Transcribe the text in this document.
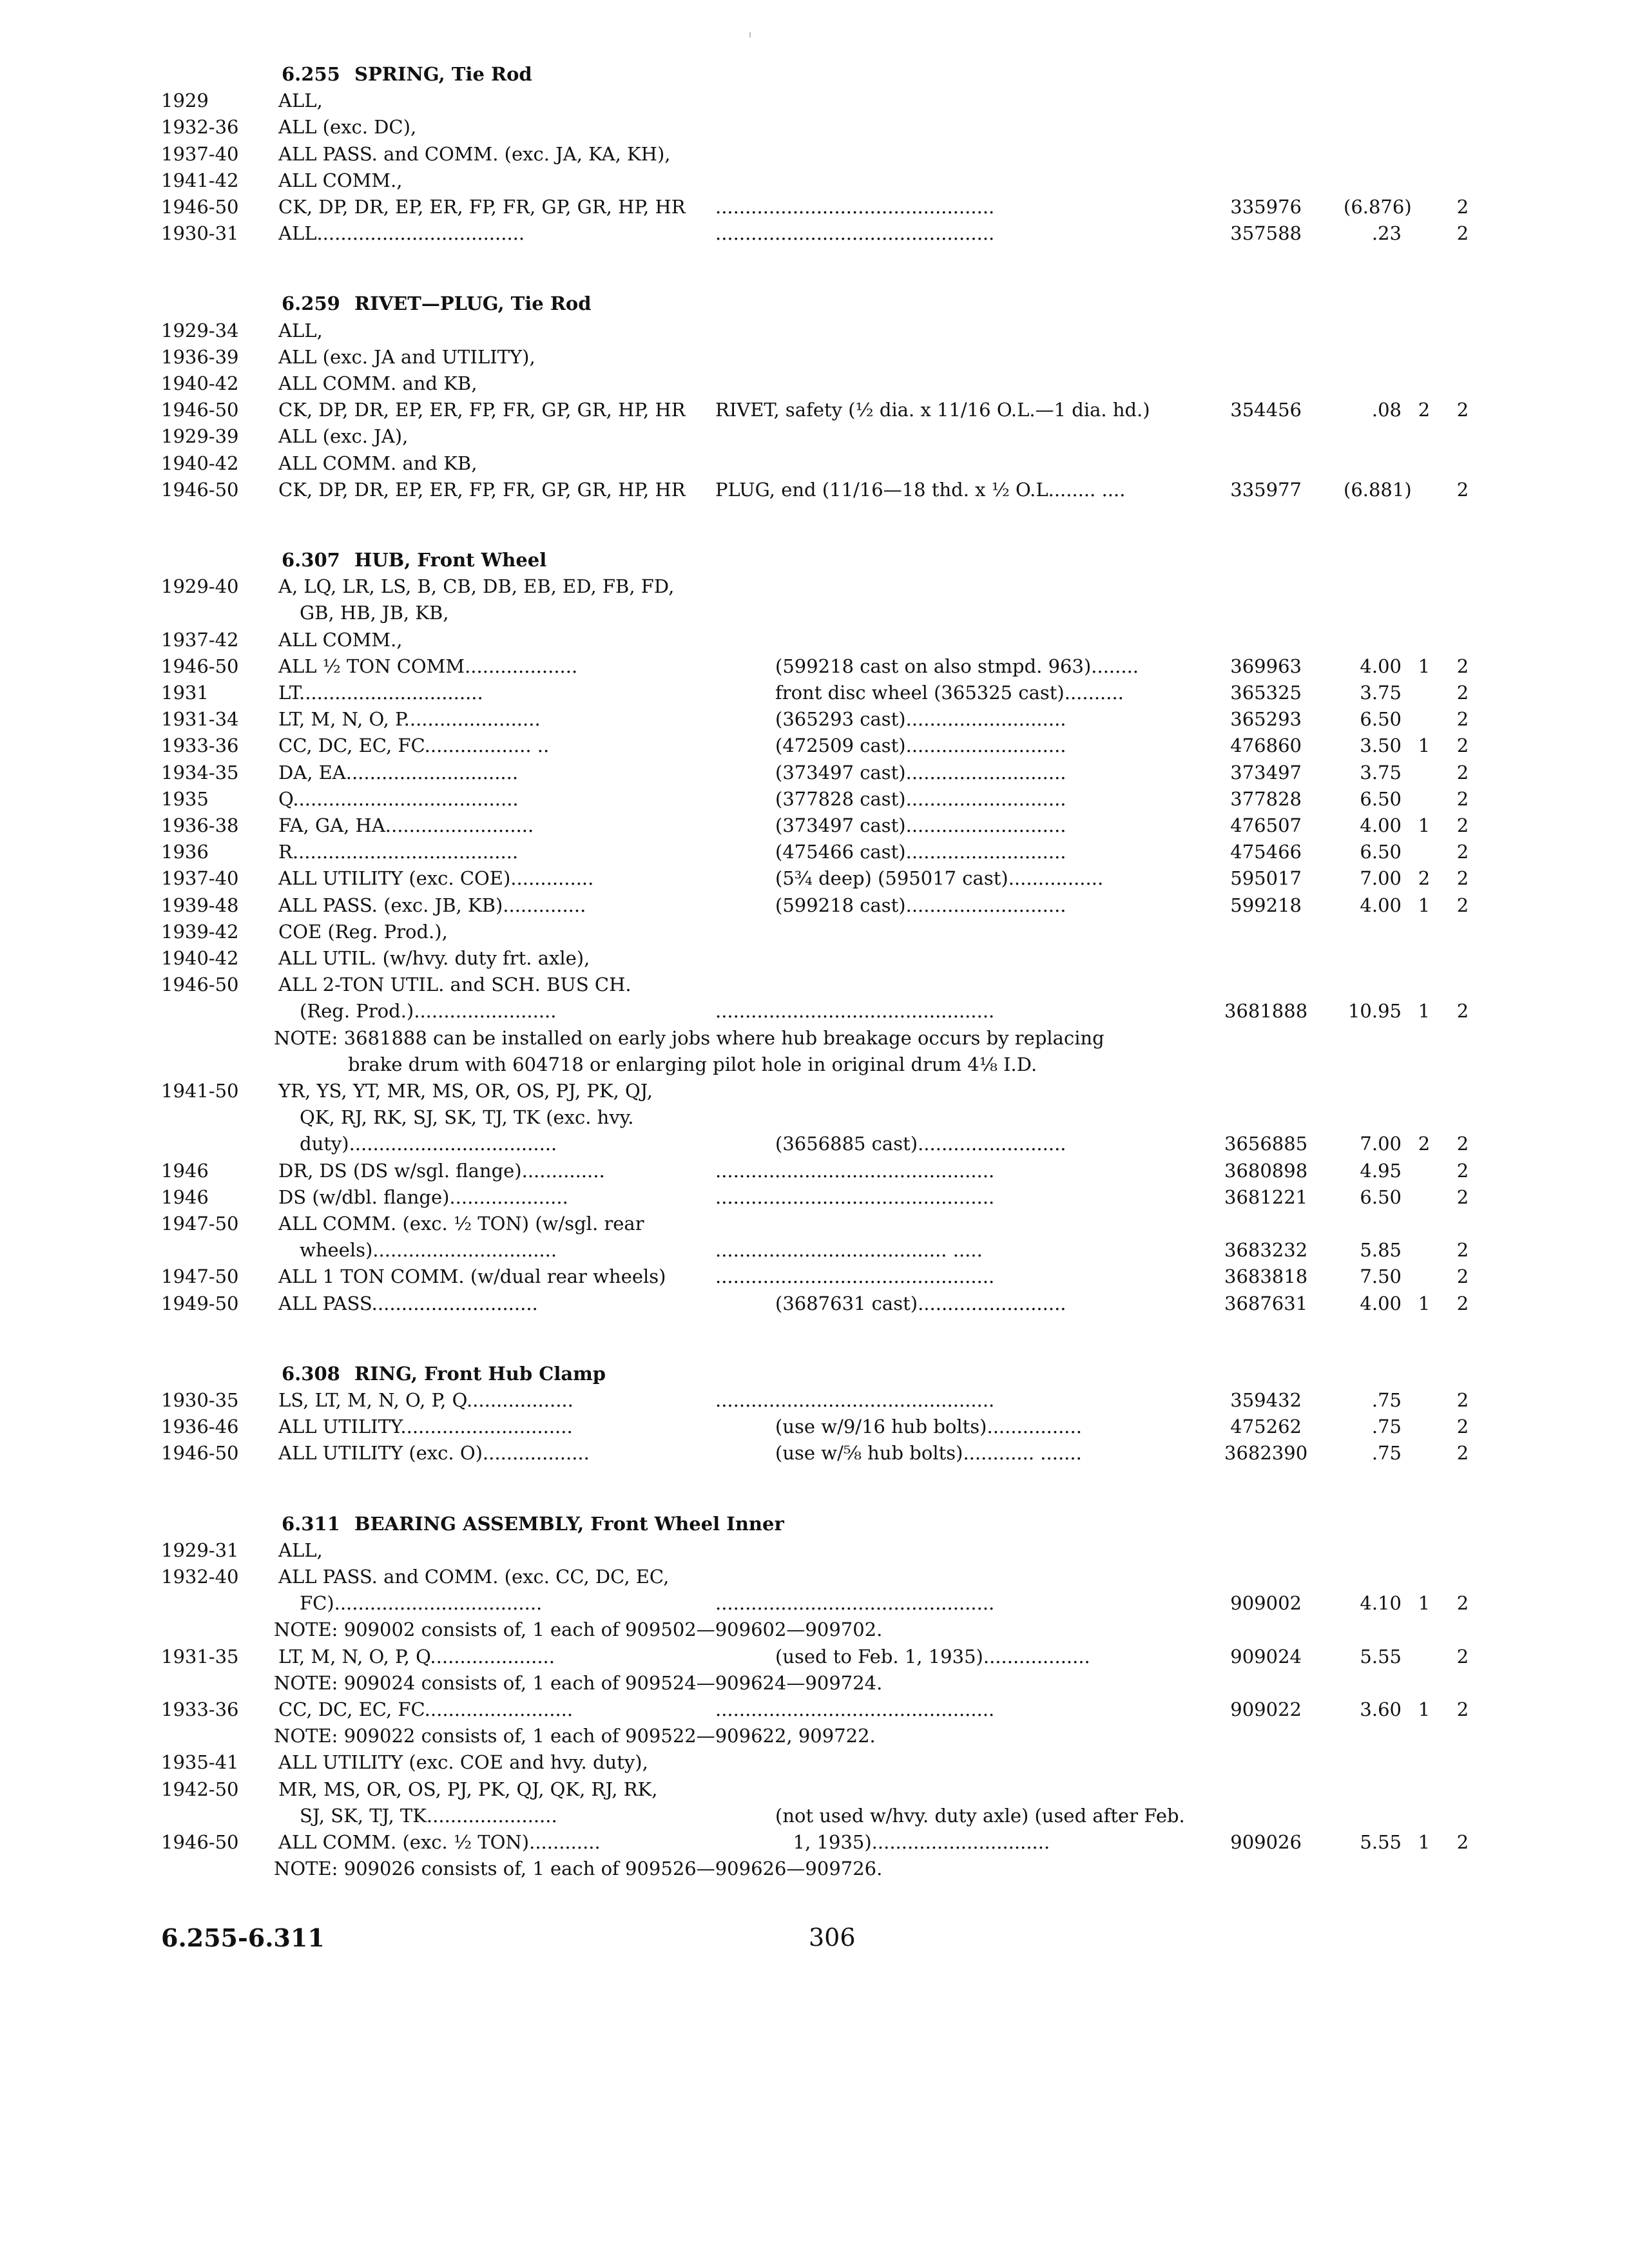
6.255 SPRING, Tie Rod
1929	ALL,
1932-36 ALL (exc. DC),
1937-40 ALL PASS. and COMM. (exc. JA, KA, KH),
1941-42 ALL COMM.,
1946-50 CK, DP, DR, EP, ER, FP, FR, GP, GR, HP, HR ...............................................	335976 (6.876)	2
1930-31 ALL...................................	...............................................	357588	.23	2
6.259 RIVET—PLUG, Tie Rod
1929-34 ALL,
1936-39 ALL (exc. JA and UTILITY),
1940-42 ALL COMM. and KB,
1946-50 CK, DP, DR, EP, ER, FP, FR, GP, GR, HP, HR RIVET, safety (½ dia. x 11/16 O.L.—1 dia. hd.)	354456	.08 2	2
1929-39 ALL (exc. JA),
1940-42 ALL COMM. and KB,
1946-50 CK, DP, DR, EP, ER, FP, FR, GP, GR, HP, HR PLUG, end (11/16—18 thd. x ½ O.L........ ....	335977 (6.881)	2
6.307 HUB, Front Wheel
1929-40 A, LQ, LR, LS, B, CB, DB, EB, ED, FB, FD,
GB, HB, JB, KB,
1937-42 ALL COMM.,
1946-50 ALL ½ TON COMM...................	(599218 cast on also stmpd. 963)........	369963	4.00 1	2
1931	LT...............................	front disc wheel (365325 cast)..........	365325	3.75	2
1931-34 LT, M, N, O, P.......................	(365293 cast)...........................	365293	6.50	2
1933-36 CC, DC, EC, FC.................. ..	(472509 cast)...........................	476860	3.50 1	2
1934-35 DA, EA.............................	(373497 cast)...........................	373497	3.75	2
1935	Q......................................	(377828 cast)...........................	377828	6.50	2
1936-38 FA, GA, HA.........................	(373497 cast)...........................	476507	4.00 1	2
1936	R......................................	(475466 cast)...........................	475466	6.50	2
1937-40 ALL UTILITY (exc. COE)..............	(5¾ deep) (595017 cast)................	595017	7.00 2	2
1939-48 ALL PASS. (exc. JB, KB)..............	(599218 cast)...........................	599218	4.00 1	2
1939-42 COE (Reg. Prod.),
1940-42 ALL UTIL. (w/hvy. duty frt. axle),
1946-50 ALL 2-TON UTIL. and SCH. BUS CH.
(Reg. Prod.)........................	...............................................	3681888 10.95 1	2
NOTE: 3681888 can be installed on early jobs where hub breakage occurs by replacing
brake drum with 604718 or enlarging pilot hole in original drum 4⅛ I.D.
1941-50 YR, YS, YT, MR, MS, OR, OS, PJ, PK, QJ,
QK, RJ, RK, SJ, SK, TJ, TK (exc. hvy.
duty)...................................	(3656885 cast).........................	3656885	7.00 2	2
1946	DR, DS (DS w/sgl. flange)..............	...............................................	3680898	4.95	2
1946	DS (w/dbl. flange)....................	...............................................	3681221	6.50	2
1947-50 ALL COMM. (exc. ½ TON) (w/sgl. rear
wheels)...............................	....................................... .....	3683232	5.85	2
1947-50 ALL 1 TON COMM. (w/dual rear wheels)	...............................................	3683818	7.50	2
1949-50 ALL PASS............................	(3687631 cast).........................	3687631	4.00 1	2
6.308 RING, Front Hub Clamp
1930-35 LS, LT, M, N, O, P, Q..................	...............................................	359432	.75	2
1936-46 ALL UTILITY.............................	(use w/9/16 hub bolts)................	475262	.75	2
1946-50 ALL UTILITY (exc. O)..................	(use w/⅝ hub bolts)............ .......	3682390	.75	2
6.311 BEARING ASSEMBLY, Front Wheel Inner
1929-31 ALL,
1932-40 ALL PASS. and COMM. (exc. CC, DC, EC,
FC)...................................	...............................................	909002	4.10 1	2
NOTE: 909002 consists of, 1 each of 909502—909602—909702.
1931-35 LT, M, N, O, P, Q.....................	(used to Feb. 1, 1935)..................	909024	5.55	2
NOTE: 909024 consists of, 1 each of 909524—909624—909724.
1933-36 CC, DC, EC, FC.........................	...............................................	909022	3.60 1	2
NOTE: 909022 consists of, 1 each of 909522—909622, 909722.
1935-41 ALL UTILITY (exc. COE and hvy. duty),
1942-50 MR, MS, OR, OS, PJ, PK, QJ, QK, RJ, RK,
SJ, SK, TJ, TK......................	(not used w/hvy. duty axle) (used after Feb.
1946-50 ALL COMM. (exc. ½ TON)............	1, 1935)..............................	909026	5.55 1	2
NOTE: 909026 consists of, 1 each of 909526—909626—909726.
6.255-6.311	306
